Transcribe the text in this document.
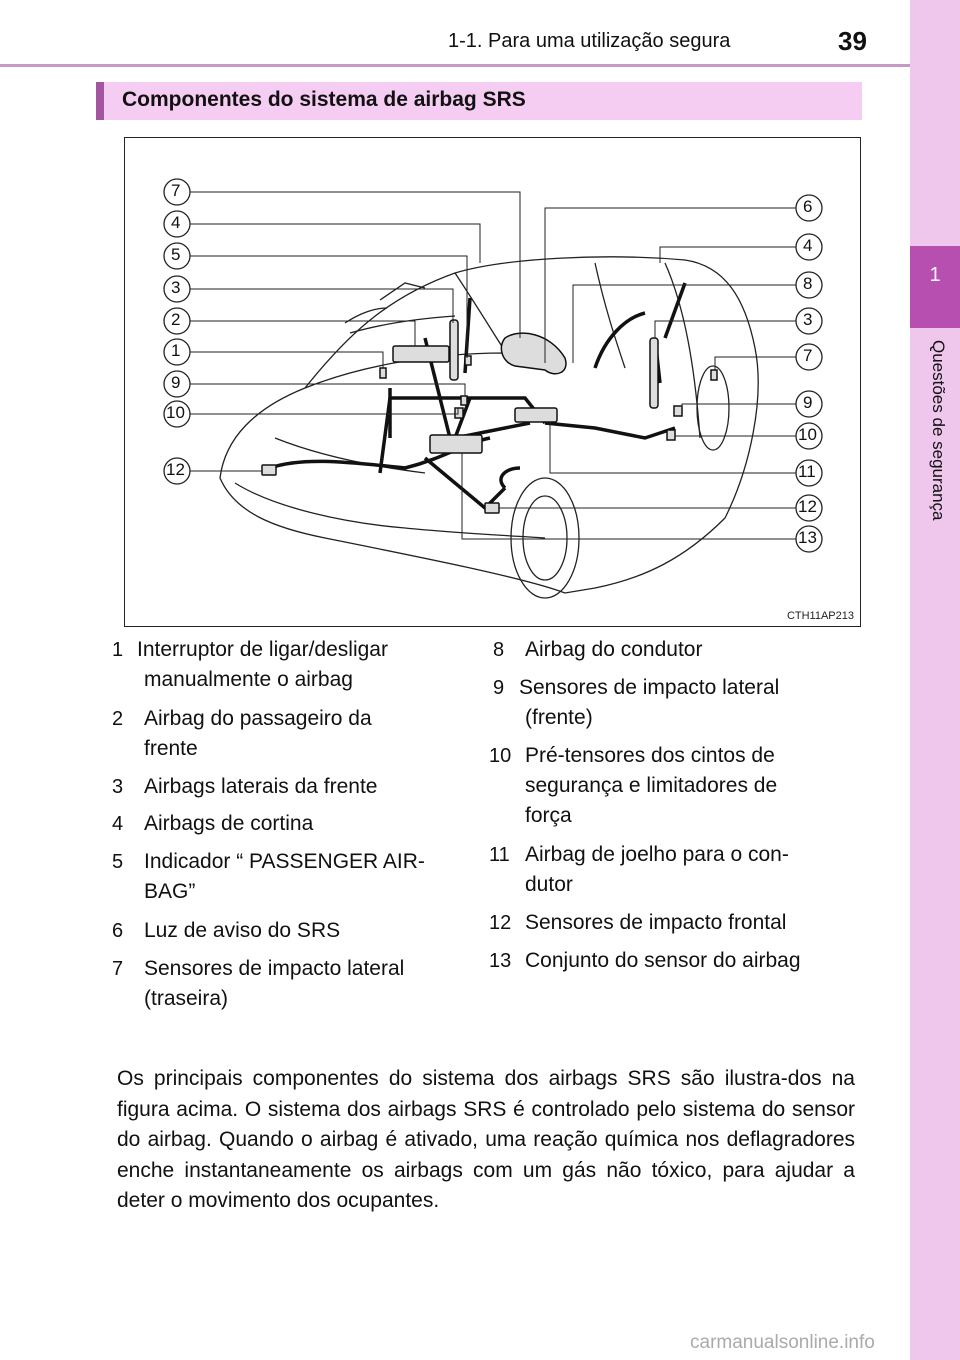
1-1. Para uma utilização segura	39
1
Questões de segurança
Componentes do sistema de airbag SRS
7
4
5
3
2
1
9
10
12
6
4
8
3
7
9
10
11
12
13
CTH11AP213
1 Interruptor de ligar/desligar
manualmente o airbag
2 Airbag do passageiro da
frente
3 Airbags laterais da frente
4 Airbags de cortina
5 Indicador “ PASSENGER AIR-
BAG”
6 Luz de aviso do SRS
7 Sensores de impacto lateral
(traseira)
8 Airbag do condutor
9 Sensores de impacto lateral
(frente)
10 Pré-tensores dos cintos de
segurança e limitadores de
força
11 Airbag de joelho para o con-
dutor
12 Sensores de impacto frontal
13 Conjunto do sensor do airbag
Os principais componentes do sistema dos airbags SRS são ilustra-dos na figura acima. O sistema dos airbags SRS é controlado pelo sistema do sensor do airbag. Quando o airbag é ativado, uma reação química nos deflagradores enche instantaneamente os airbags com um gás não tóxico, para ajudar a deter o movimento dos ocupantes.
carmanualsonline.info
